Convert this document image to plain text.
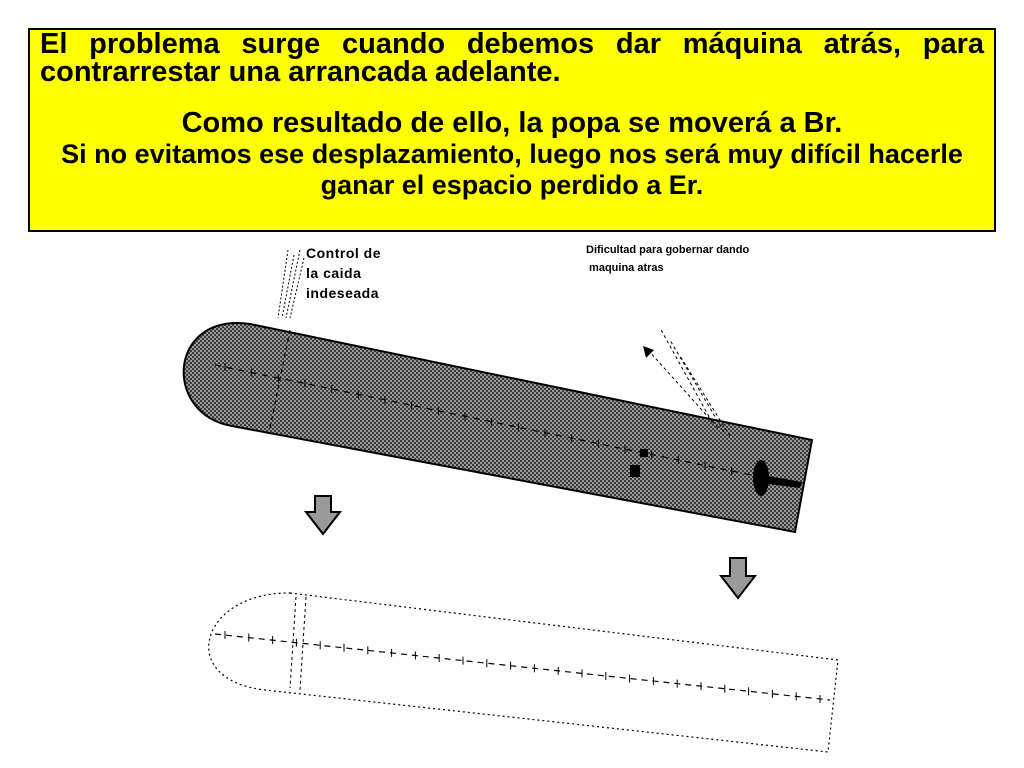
El problema surge cuando debemos dar máquina atrás, para contrarrestar una arrancada adelante.

Como resultado de ello, la popa se moverá a Br.

Si no evitamos ese desplazamiento, luego nos será muy difícil hacerle ganar el espacio perdido a Er.

Control de
la caida
indeseada
Dificultad para gobernar dando
maquina atras
